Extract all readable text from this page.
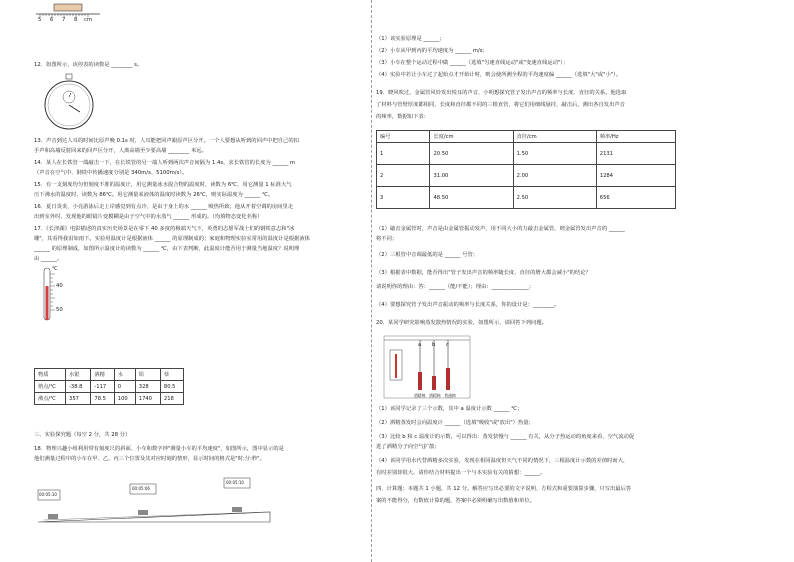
5 6 7 8 cm
12．如图所示，该停表的读数是 ________ s。
13．声音到达人耳的时间比原声晚 0.1s 时，人耳能把回声跟原声区分开。一个人要想从听到的回声中把自己的拍
手声和高墙反射回来的回声区分开，人离高墙至少要高墙 ________ 米远。
14．某人在长铁管一端敲击一下，在长铁管的另一端人听到两次声音间隔为 1.4s，求长铁管的长度为 ______ m
（声音在空气中、钢铁中传播速度分别是 340m/s、5100m/s）。
15．有一支刻度均匀但刻度不准的温度计，用它测量冰水混合物的温度时，读数为 6℃，用它测量 1 标准大气
压下沸水的温度时，读数为 86℃。用它测量某液体的温度时读数为 26℃，则实际温度为 ______ ℃。
16．夏日炎炎，小亮游泳后走上岸感觉到有点冷，是由于身上的水 ______ 吸热所致；他从开着空调的房间里走
出到室外时，发现他的眼镜片变模糊是由于空气中的水蒸气 ______ 形成的。（均填物态变化名称）
17．《长津湖》电影描述的真实历史场景是在零下 40 多度的极端天气下，英勇的志愿军战士们的钢铁意志和"冰
雕"，其看得我泪如雨下。实验用温度计是根据液体 ______ 的原理制成的；家庭和物理实验室常用的温度计是根据液体
______ 的原理制成，如图所示温度计的读数为 ______ ℃，由下表判断，此温度计能否用于测量当地温度？说明理
由 ______。
℃
40
50
物质	水银	酒精	水	铅	萘
熔点/℃	-38.8	-117	0	328	80.5
沸点/℃	357	78.5	100	1740	218
三、实验探究题（每空 2 分，共 28 分）
18．物理兴趣小组利用带有刻度尺的斜面、小车和数字钟"测量小车的平均速度"，如图所示，图中显示的是
他们测量过程中的小车在甲、乙、丙三个位置及其对应时刻的情形，显示时间的格式是"时:分:秒"。
00:05:10
00:05:06
00:05:10
（1）该实验原理是 ______；
（2）小车从甲到丙的平均速度为 ______ m/s；
（3）小车在整个运动过程中做 ______（选填"匀速直线运动"或"变速直线运动"）；
（4）实验中若让小车过了起始点才开始计时，则会使所测全程的平均速度偏 ______（选填"大"或"小"）。
19．晓风吹过，金属管风铃发出悦耳的声音，小明想探究管子发出声音的频率与长度、直径的关系。他选取
了材料与管壁厚度都相同、长度和直径都不同的三根直管，将它们用细线悬挂，敲击后，测出各自发出声音
的频率，数据如下表：
编号	长度/cm	直径/cm	频率/Hz
1	20.50	1.50	2131
2	31.00	2.00	1284
3	48.50	2.50	656
（1）敲击金属管时，声音是由金属管振动发声，用不同大小的力敲击金属管，则金属管发出声音的 ______
将不同；
（2）三根管中音调最低的是 ______ 号管；
（3）根据表中数据，能否得出"管子发出声音的频率随长度、直径的增大都会减小"的结论？
请说明你的理由：答：______（能/不能）；理由：______________；
（4）要想探究管子发出声音振动的频率与长度关系，你的设计是：________。
20．某同学研究影响蒸发散热情况的实验，如图所示，请回答下列问题。
a b c
酒精棉　酒精棉　普通棉
（1）该同学记录了三个示数，其中 a 温度计示数 ______ ℃；
（2）酒精蒸发时会向温度计 ______（选填"吸收"或"放出"）热量；
（3）比较 b 和 c 温度计的示数，可以得出：蒸发快慢与 ______ 有关，从分子热运动的角度来看，空气流动促
进了酒精分子向空气扩散；
（4）该同学用水代替酒精多次实验，发现在相同温度但天气不同的情况下，三根温度计示数的差值时而大，
有时差别却很大，请你结合材料提出一个与本实验有关的猜想：______。
四、计算题：本题共 1 小题，共 12 分。解答应写出必要的文字说明、方程式和重要演算步骤，只写出最后答
案的不能得分，有数值计算的题，答案中必须明确写出数值和单位。
